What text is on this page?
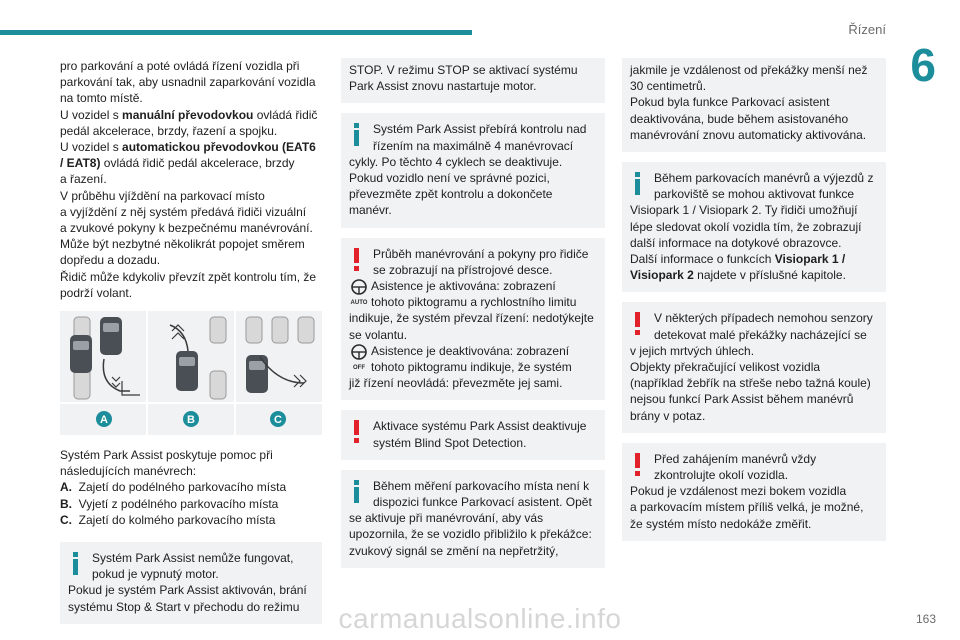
Řízení
6

pro parkování a poté ovládá řízení vozidla při
parkování tak, aby usnadnil zaparkování vozidla
na tomto místě.
U vozidel s manuální převodovkou ovládá řidič
pedál akcelerace, brzdy, řazení a spojku.
U vozidel s automatickou převodovkou (EAT6
/ EAT8) ovládá řidič pedál akcelerace, brzdy
a řazení.
V průběhu vjíždění na parkovací místo
a vyjíždění z něj systém předává řidiči vizuální
a zvukové pokyny k bezpečnému manévrování.
Může být nezbytné několikrát popojet směrem
dopředu a dozadu.
Řidič může kdykoliv převzít zpět kontrolu tím, že
podrží volant.

A	B	C

Systém Park Assist poskytuje pomoc při
následujících manévrech:

A. Zajetí do podélného parkovacího místa
B. Vyjetí z podélného parkovacího místa
C. Zajetí do kolmého parkovacího místa
Systém Park Assist nemůže fungovat,
pokud je vypnutý motor.
Pokud je systém Park Assist aktivován, brání
systému Stop & Start v přechodu do režimu
STOP. V režimu STOP se aktivací systému
Park Assist znovu nastartuje motor.
Systém Park Assist přebírá kontrolu nad
řízením na maximálně 4 manévrovací
cykly. Po těchto 4 cyklech se deaktivuje.
Pokud vozidlo není ve správné pozici,
převezměte zpět kontrolu a dokončete
manévr.
Průběh manévrování a pokyny pro řidiče
se zobrazují na přístrojové desce.
AUTO
Asistence je aktivována: zobrazení
tohoto piktogramu a rychlostního limitu
indikuje, že systém převzal řízení: nedotýkejte
se volantu.
OFF
Asistence je deaktivována: zobrazení
tohoto piktogramu indikuje, že systém
již řízení neovládá: převezměte jej sami.
Aktivace systému Park Assist deaktivuje
systém Blind Spot Detection.
Během měření parkovacího místa není k
dispozici funkce Parkovací asistent. Opět
se aktivuje při manévrování, aby vás
upozornila, že se vozidlo přibližilo k překážce:
zvukový signál se změní na nepřetržitý,
jakmile je vzdálenost od překážky menší než
30 centimetrů.
Pokud byla funkce Parkovací asistent
deaktivována, bude během asistovaného
manévrování znovu automaticky aktivována.
Během parkovacích manévrů a výjezdů z
parkoviště se mohou aktivovat funkce
Visiopark 1 / Visiopark 2. Ty řidiči umožňují
lépe sledovat okolí vozidla tím, že zobrazují
další informace na dotykové obrazovce.
Další informace o funkcích Visiopark 1 /
Visiopark 2 najdete v příslušné kapitole.
V některých případech nemohou senzory
detekovat malé překážky nacházející se
v jejich mrtvých úhlech.
Objekty překračující velikost vozidla
(například žebřík na střeše nebo tažná koule)
nejsou funkcí Park Assist během manévrů
brány v potaz.
Před zahájením manévrů vždy
zkontrolujte okolí vozidla.
Pokud je vzdálenost mezi bokem vozidla
a parkovacím místem příliš velká, je možné,
že systém místo nedokáže změřit.
carmanualsonline.info	163
